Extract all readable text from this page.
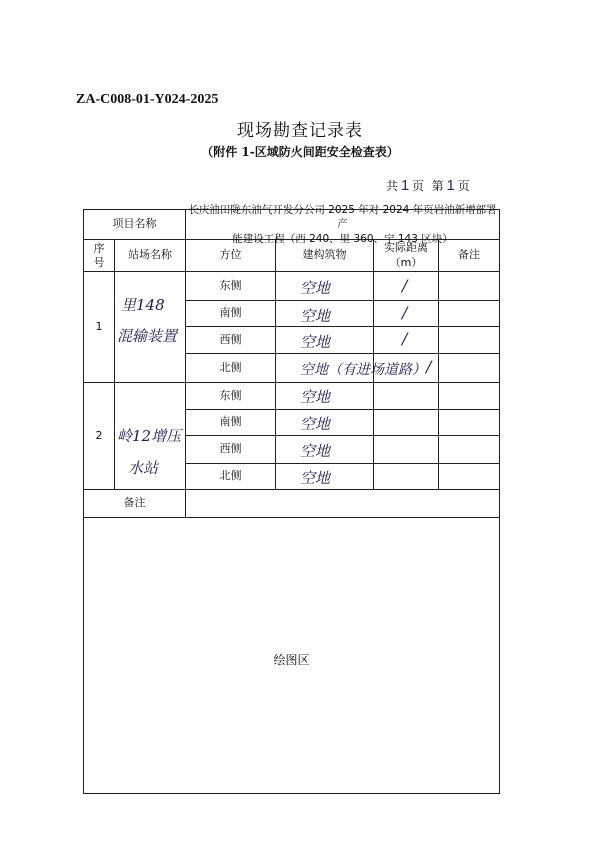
ZA-C008-01-Y024-2025
现场勘查记录表
（附件 1-区域防火间距安全检查表）
共 1 页 第 1 页
项目名称
长庆油田陇东油气开发分公司 2025 年对 2024 年页岩油新增部署产
能建设工程（西 240、里 360、宁 143 区块）
序号
站场名称	方位	建构筑物
实际距离（m）
备注
1
里148
混输装置
东侧
南侧
西侧
北侧
空地
空地
空地
空地（有进场道路）
/
/
/
/
2 岭12增压
水站
东侧
南侧
西侧
北侧
空地
空地
空地
空地
备注
绘图区
